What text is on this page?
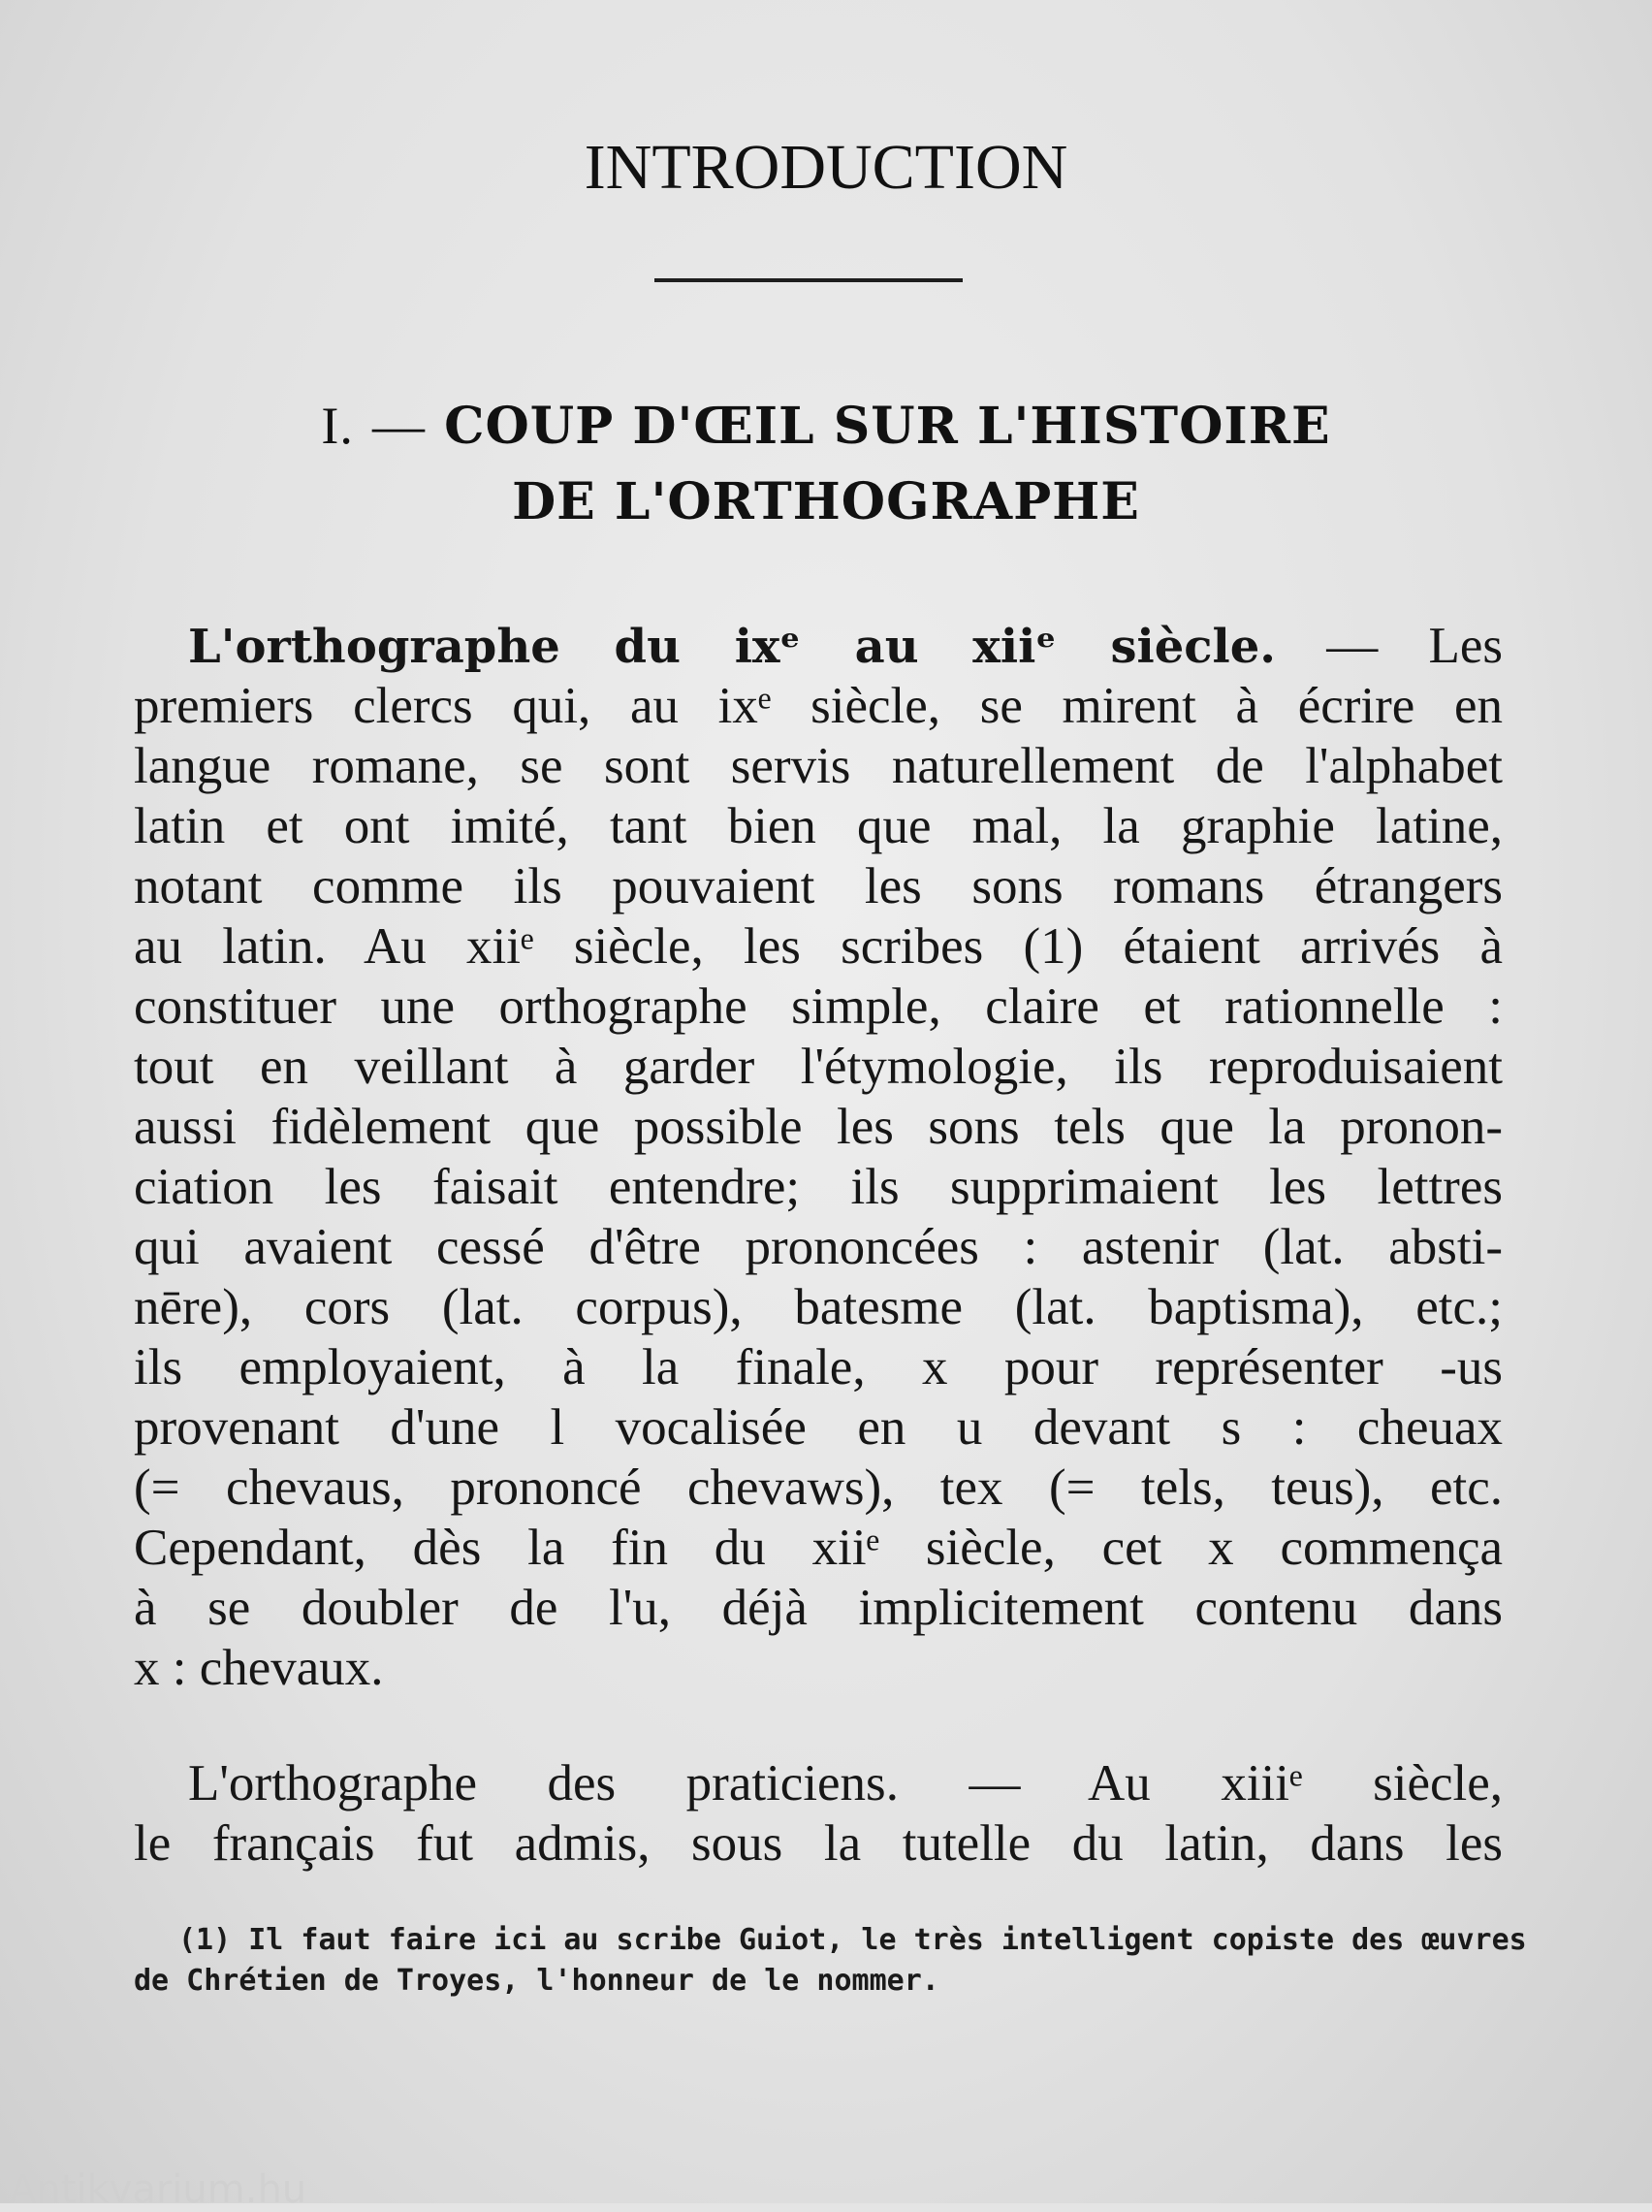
INTRODUCTION
I. — COUP D'ŒIL SUR L'HISTOIRE
DE L'ORTHOGRAPHE
L'orthographe du ixᵉ au xiiᵉ siècle. — Les
premiers clercs qui, au ixᵉ siècle, se mirent à écrire en
langue romane, se sont servis naturellement de l'alphabet
latin et ont imité, tant bien que mal, la graphie latine,
notant comme ils pouvaient les sons romans étrangers
au latin. Au xiiᵉ siècle, les scribes (1) étaient arrivés à
constituer une orthographe simple, claire et rationnelle :
tout en veillant à garder l'étymologie, ils reproduisaient
aussi fidèlement que possible les sons tels que la pronon-
ciation les faisait entendre; ils supprimaient les lettres
qui avaient cessé d'être prononcées : astenir (lat. absti-
nēre), cors (lat. corpus), batesme (lat. baptisma), etc.;
ils employaient, à la finale, x pour représenter -us
provenant d'une l vocalisée en u devant s : cheuax
(= chevaus, prononcé chevaws), tex (= tels, teus), etc.
Cependant, dès la fin du xiiᵉ siècle, cet x commença
à se doubler de l'u, déjà implicitement contenu dans
x : chevaux.
L'orthographe des praticiens. — Au xiiiᵉ siècle,
le français fut admis, sous la tutelle du latin, dans les
(1) Il faut faire ici au scribe Guiot, le très intelligent copiste des œuvres
de Chrétien de Troyes, l'honneur de le nommer.
Antikvarium.hu
